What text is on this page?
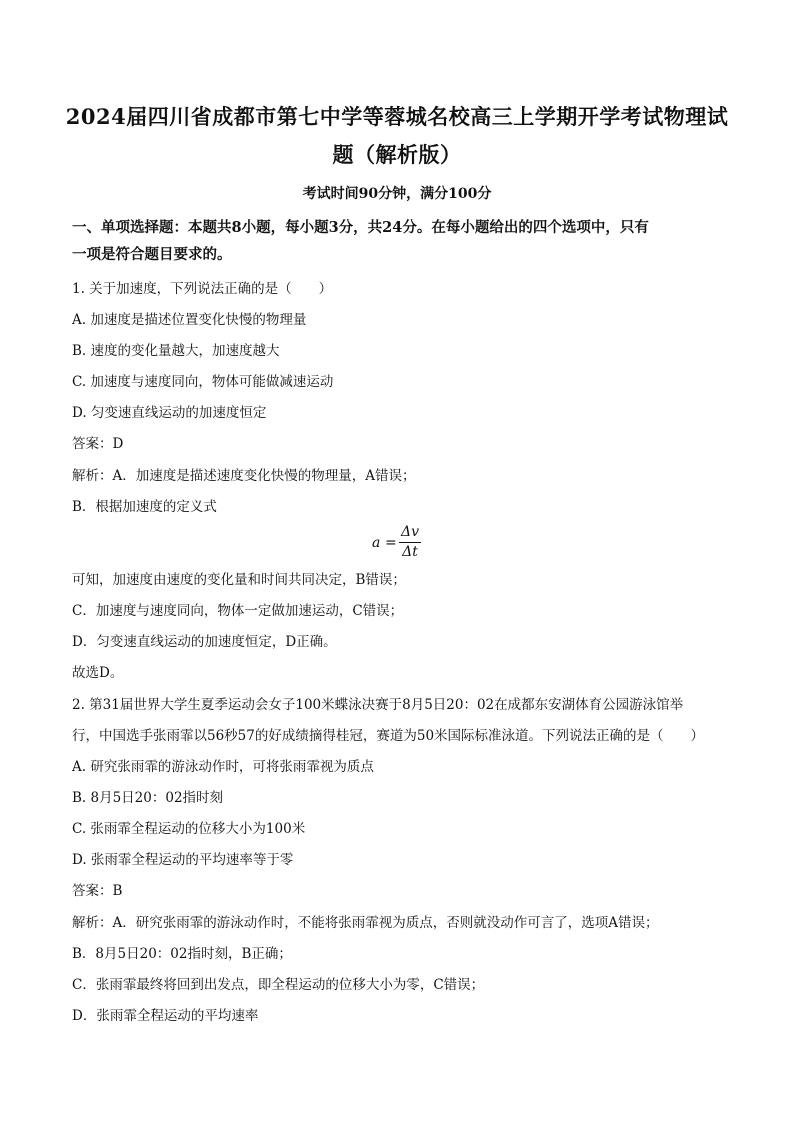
2024届四川省成都市第七中学等蓉城名校高三上学期开学考试物理试
题（解析版）
考试时间90分钟，满分100分
一、单项选择题：本题共8小题，每小题3分，共24分。在每小题给出的四个选项中，只有
一项是符合题目要求的。
1. 关于加速度，下列说法正确的是（　　）
A. 加速度是描述位置变化快慢的物理量
B. 速度的变化量越大，加速度越大
C. 加速度与速度同向，物体可能做减速运动
D. 匀变速直线运动的加速度恒定
答案：D
解析：A．加速度是描述速度变化快慢的物理量，A错误；
B．根据加速度的定义式
a =
Δv
Δt
可知，加速度由速度的变化量和时间共同决定，B错误；
C．加速度与速度同向，物体一定做加速运动，C错误；
D．匀变速直线运动的加速度恒定，D正确。
故选D。
2. 第31届世界大学生夏季运动会女子100米蝶泳决赛于8月5日20：02在成都东安湖体育公园游泳馆举
行，中国选手张雨霏以56秒57的好成绩摘得桂冠，赛道为50米国际标准泳道。下列说法正确的是（　　）
A. 研究张雨霏的游泳动作时，可将张雨霏视为质点
B. 8月5日20：02指时刻
C. 张雨霏全程运动的位移大小为100米
D. 张雨霏全程运动的平均速率等于零
答案：B
解析：A．研究张雨霏的游泳动作时，不能将张雨霏视为质点，否则就没动作可言了，选项A错误；
B．8月5日20：02指时刻，B正确；
C．张雨霏最终将回到出发点，即全程运动的位移大小为零，C错误；
D．张雨霏全程运动的平均速率
